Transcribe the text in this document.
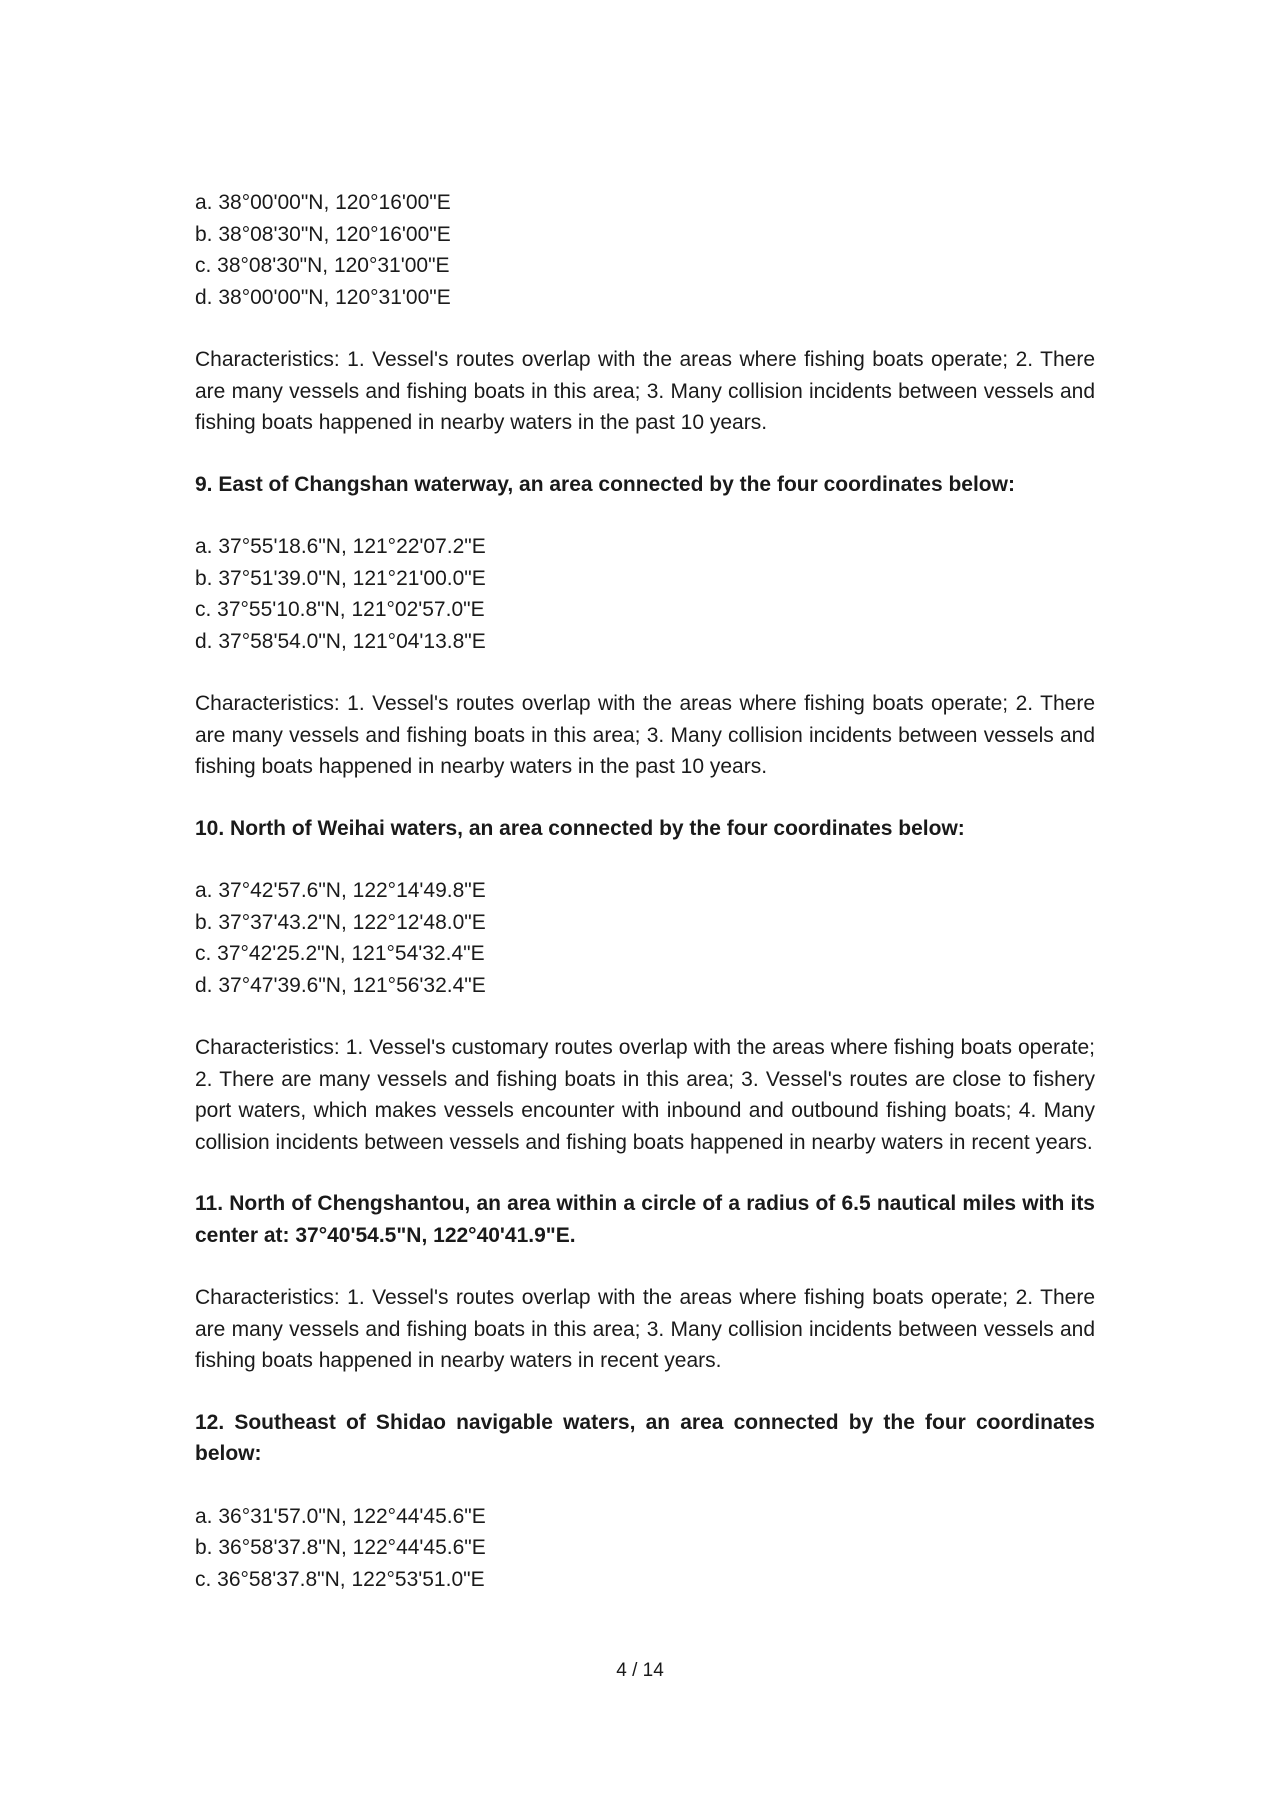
a. 38°00'00"N, 120°16'00"E
b. 38°08'30"N, 120°16'00"E
c. 38°08'30"N, 120°31'00"E
d. 38°00'00"N, 120°31'00"E

Characteristics: 1. Vessel's routes overlap with the areas where fishing boats operate; 2. There are many vessels and fishing boats in this area; 3. Many collision incidents between vessels and fishing boats happened in nearby waters in the past 10 years.

9. East of Changshan waterway, an area connected by the four coordinates below:

a. 37°55'18.6"N, 121°22'07.2"E
b. 37°51'39.0"N, 121°21'00.0"E
c. 37°55'10.8"N, 121°02'57.0"E
d. 37°58'54.0"N, 121°04'13.8"E

Characteristics: 1. Vessel's routes overlap with the areas where fishing boats operate; 2. There are many vessels and fishing boats in this area; 3. Many collision incidents between vessels and fishing boats happened in nearby waters in the past 10 years.

10. North of Weihai waters, an area connected by the four coordinates below:

a. 37°42'57.6"N, 122°14'49.8"E
b. 37°37'43.2"N, 122°12'48.0"E
c. 37°42'25.2"N, 121°54'32.4"E
d. 37°47'39.6"N, 121°56'32.4"E

Characteristics: 1. Vessel's customary routes overlap with the areas where fishing boats operate; 2. There are many vessels and fishing boats in this area; 3. Vessel's routes are close to fishery port waters, which makes vessels encounter with inbound and outbound fishing boats; 4. Many collision incidents between vessels and fishing boats happened in nearby waters in recent years.

11. North of Chengshantou, an area within a circle of a radius of 6.5 nautical miles with its center at: 37°40'54.5"N, 122°40'41.9"E.

Characteristics: 1. Vessel's routes overlap with the areas where fishing boats operate; 2. There are many vessels and fishing boats in this area; 3. Many collision incidents between vessels and fishing boats happened in nearby waters in recent years.

12. Southeast of Shidao navigable waters, an area connected by the four coordinates below:

a. 36°31'57.0"N, 122°44'45.6"E
b. 36°58'37.8"N, 122°44'45.6"E
c. 36°58'37.8"N, 122°53'51.0"E
4 / 14
